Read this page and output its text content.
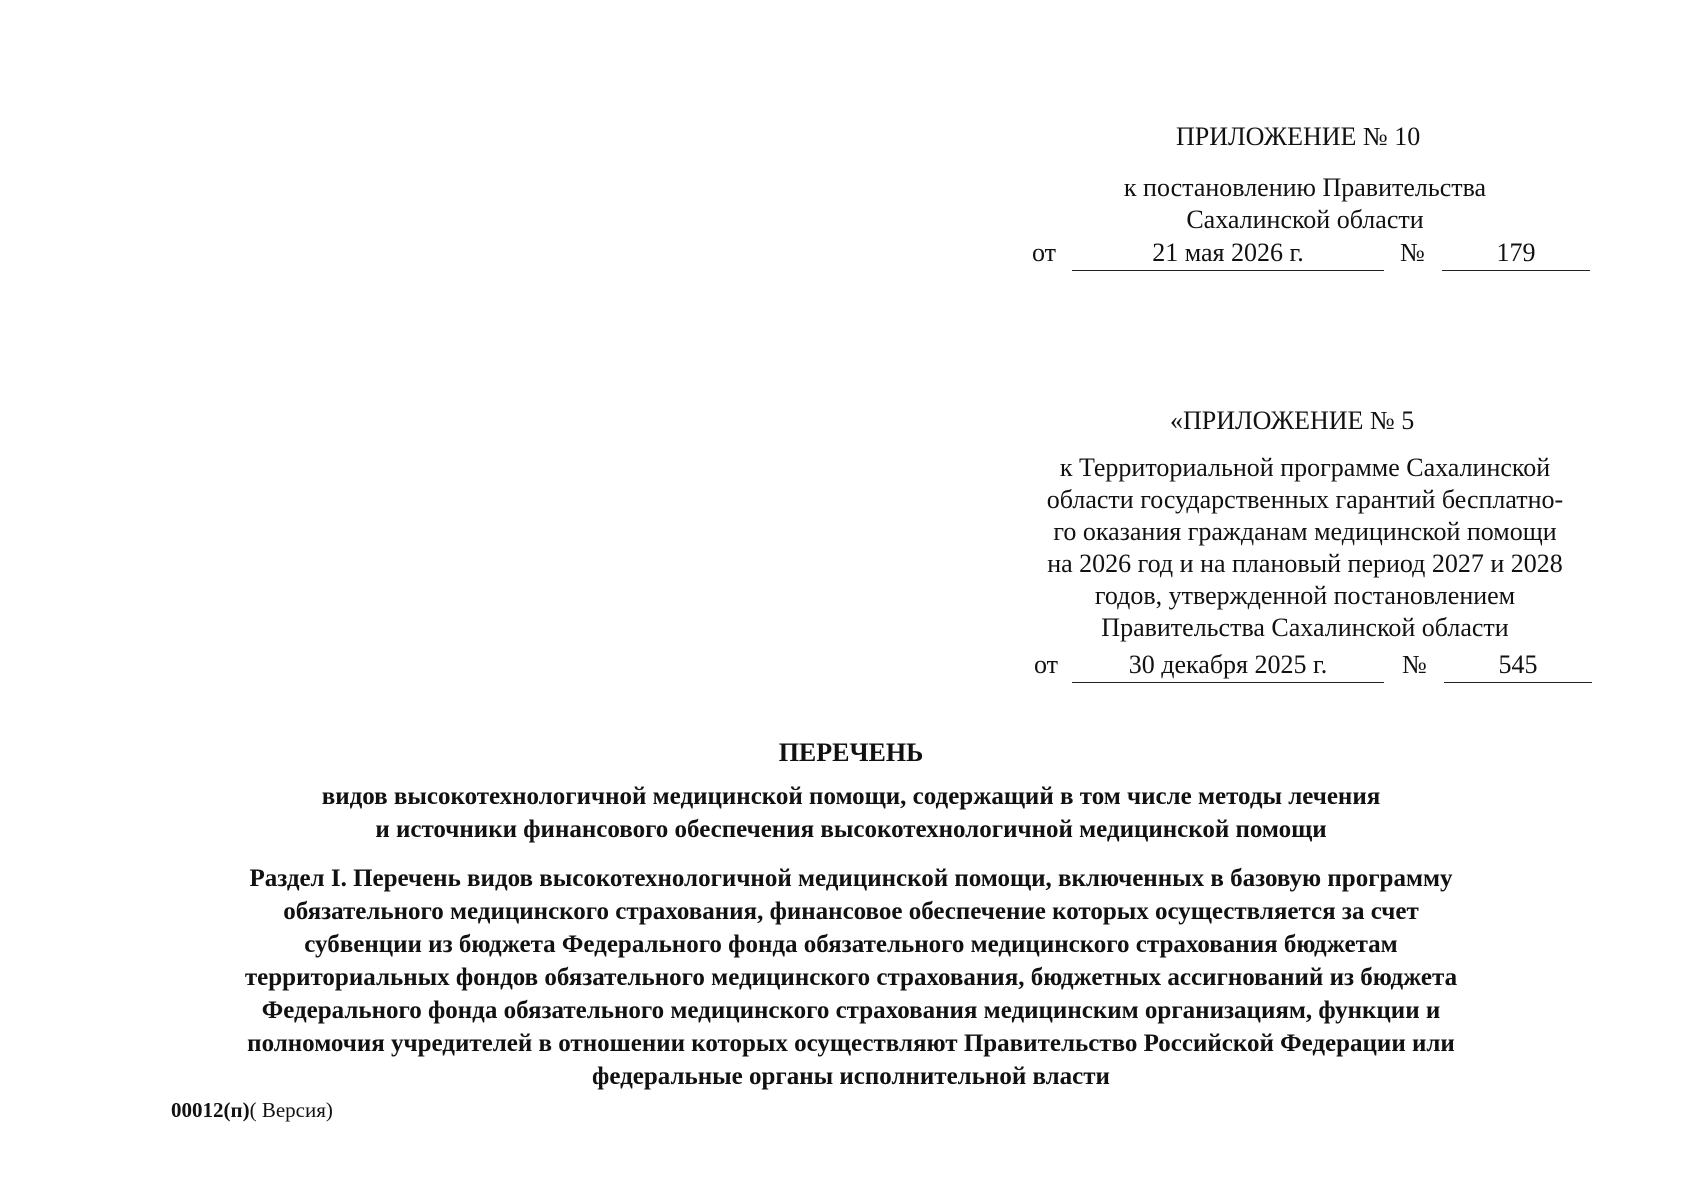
ПРИЛОЖЕНИЕ № 10
к постановлению Правительства
Сахалинской области
от	21 мая 2026 г.	№	179
«ПРИЛОЖЕНИЕ № 5
к Территориальной программе Сахалинской
области государственных гарантий бесплатно-
го оказания гражданам медицинской помощи
на 2026 год и на плановый период 2027 и 2028
годов, утвержденной постановлением
Правительства Сахалинской области
от	30 декабря 2025 г.	№	545
ПЕРЕЧЕНЬ
видов высокотехнологичной медицинской помощи, содержащий в том числе методы лечения
и источники финансового обеспечения высокотехнологичной медицинской помощи
Раздел I. Перечень видов высокотехнологичной медицинской помощи, включенных в базовую программу
обязательного медицинского страхования, финансовое обеспечение которых осуществляется за счет
субвенции из бюджета Федерального фонда обязательного медицинского страхования бюджетам
территориальных фондов обязательного медицинского страхования, бюджетных ассигнований из бюджета
Федерального фонда обязательного медицинского страхования медицинским организациям, функции и
полномочия учредителей в отношении которых осуществляют Правительство Российской Федерации или
федеральные органы исполнительной власти
00012(п)( Версия)
